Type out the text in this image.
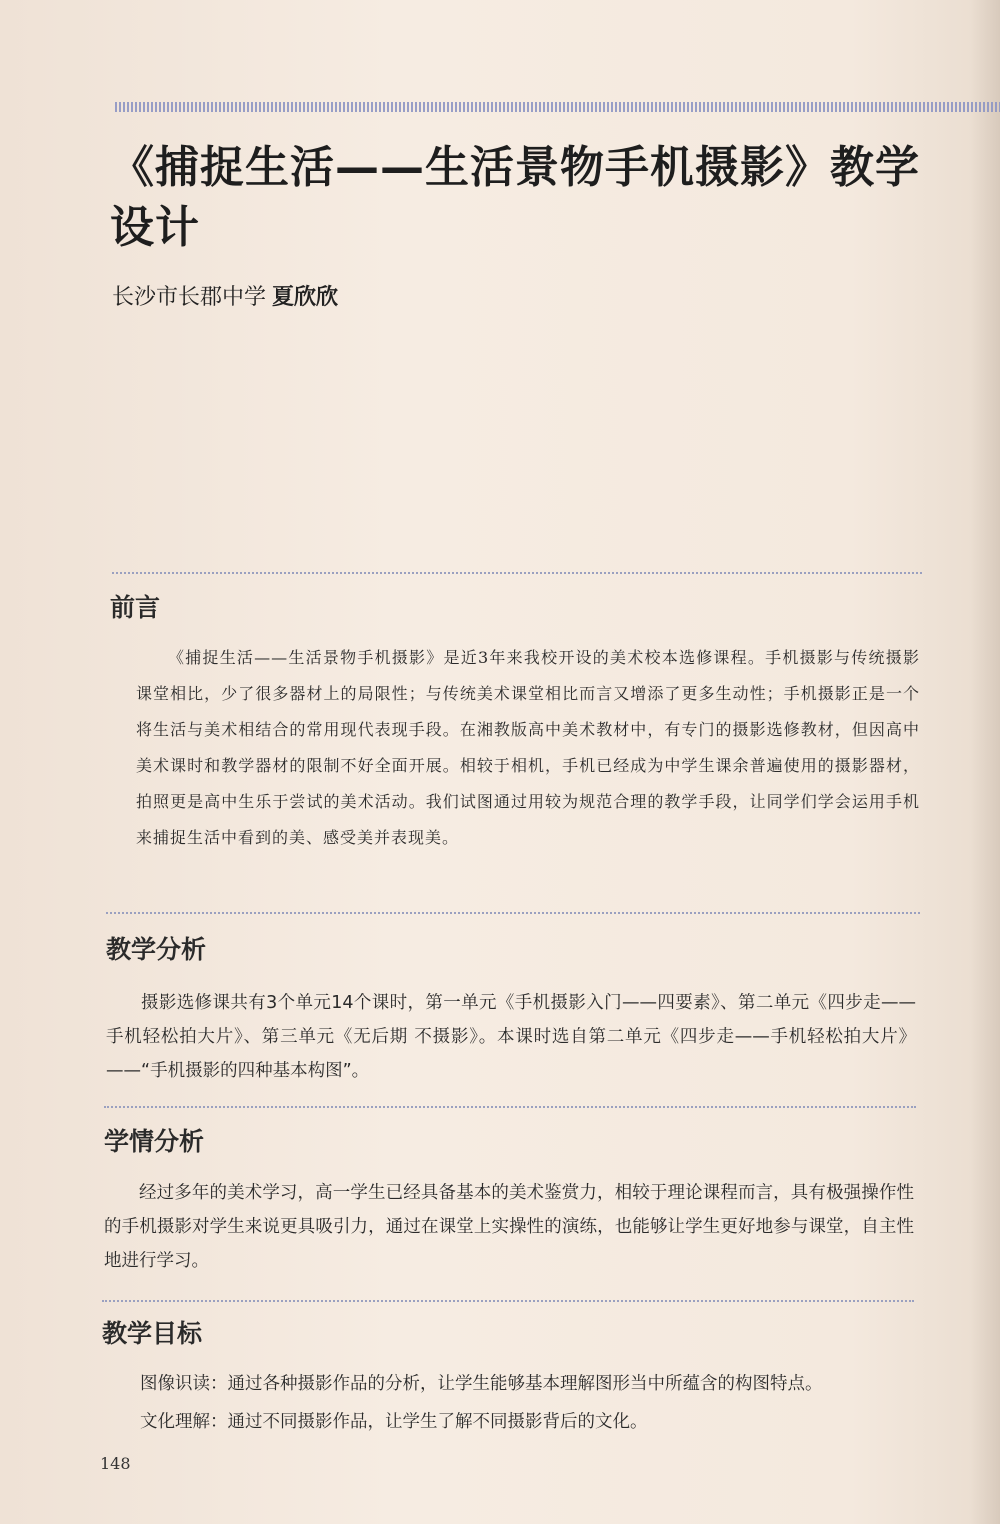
《捕捉生活——生活景物手机摄影》教学设计
长沙市长郡中学 夏欣欣
前言

《捕捉生活——生活景物手机摄影》是近3年来我校开设的美术校本选修课程。手机摄影与传统摄影课堂相比，少了很多器材上的局限性；与传统美术课堂相比而言又增添了更多生动性；手机摄影正是一个将生活与美术相结合的常用现代表现手段。在湘教版高中美术教材中，有专门的摄影选修教材，但因高中美术课时和教学器材的限制不好全面开展。相较于相机，手机已经成为中学生课余普遍使用的摄影器材，拍照更是高中生乐于尝试的美术活动。我们试图通过用较为规范合理的教学手段，让同学们学会运用手机来捕捉生活中看到的美、感受美并表现美。

教学分析

摄影选修课共有3个单元14个课时，第一单元《手机摄影入门——四要素》、第二单元《四步走——手机轻松拍大片》、第三单元《无后期 不摄影》。本课时选自第二单元《四步走——手机轻松拍大片》——“手机摄影的四种基本构图”。

学情分析

经过多年的美术学习，高一学生已经具备基本的美术鉴赏力，相较于理论课程而言，具有极强操作性的手机摄影对学生来说更具吸引力，通过在课堂上实操性的演练，也能够让学生更好地参与课堂，自主性地进行学习。

教学目标

图像识读：通过各种摄影作品的分析，让学生能够基本理解图形当中所蕴含的构图特点。

文化理解：通过不同摄影作品，让学生了解不同摄影背后的文化。

148
